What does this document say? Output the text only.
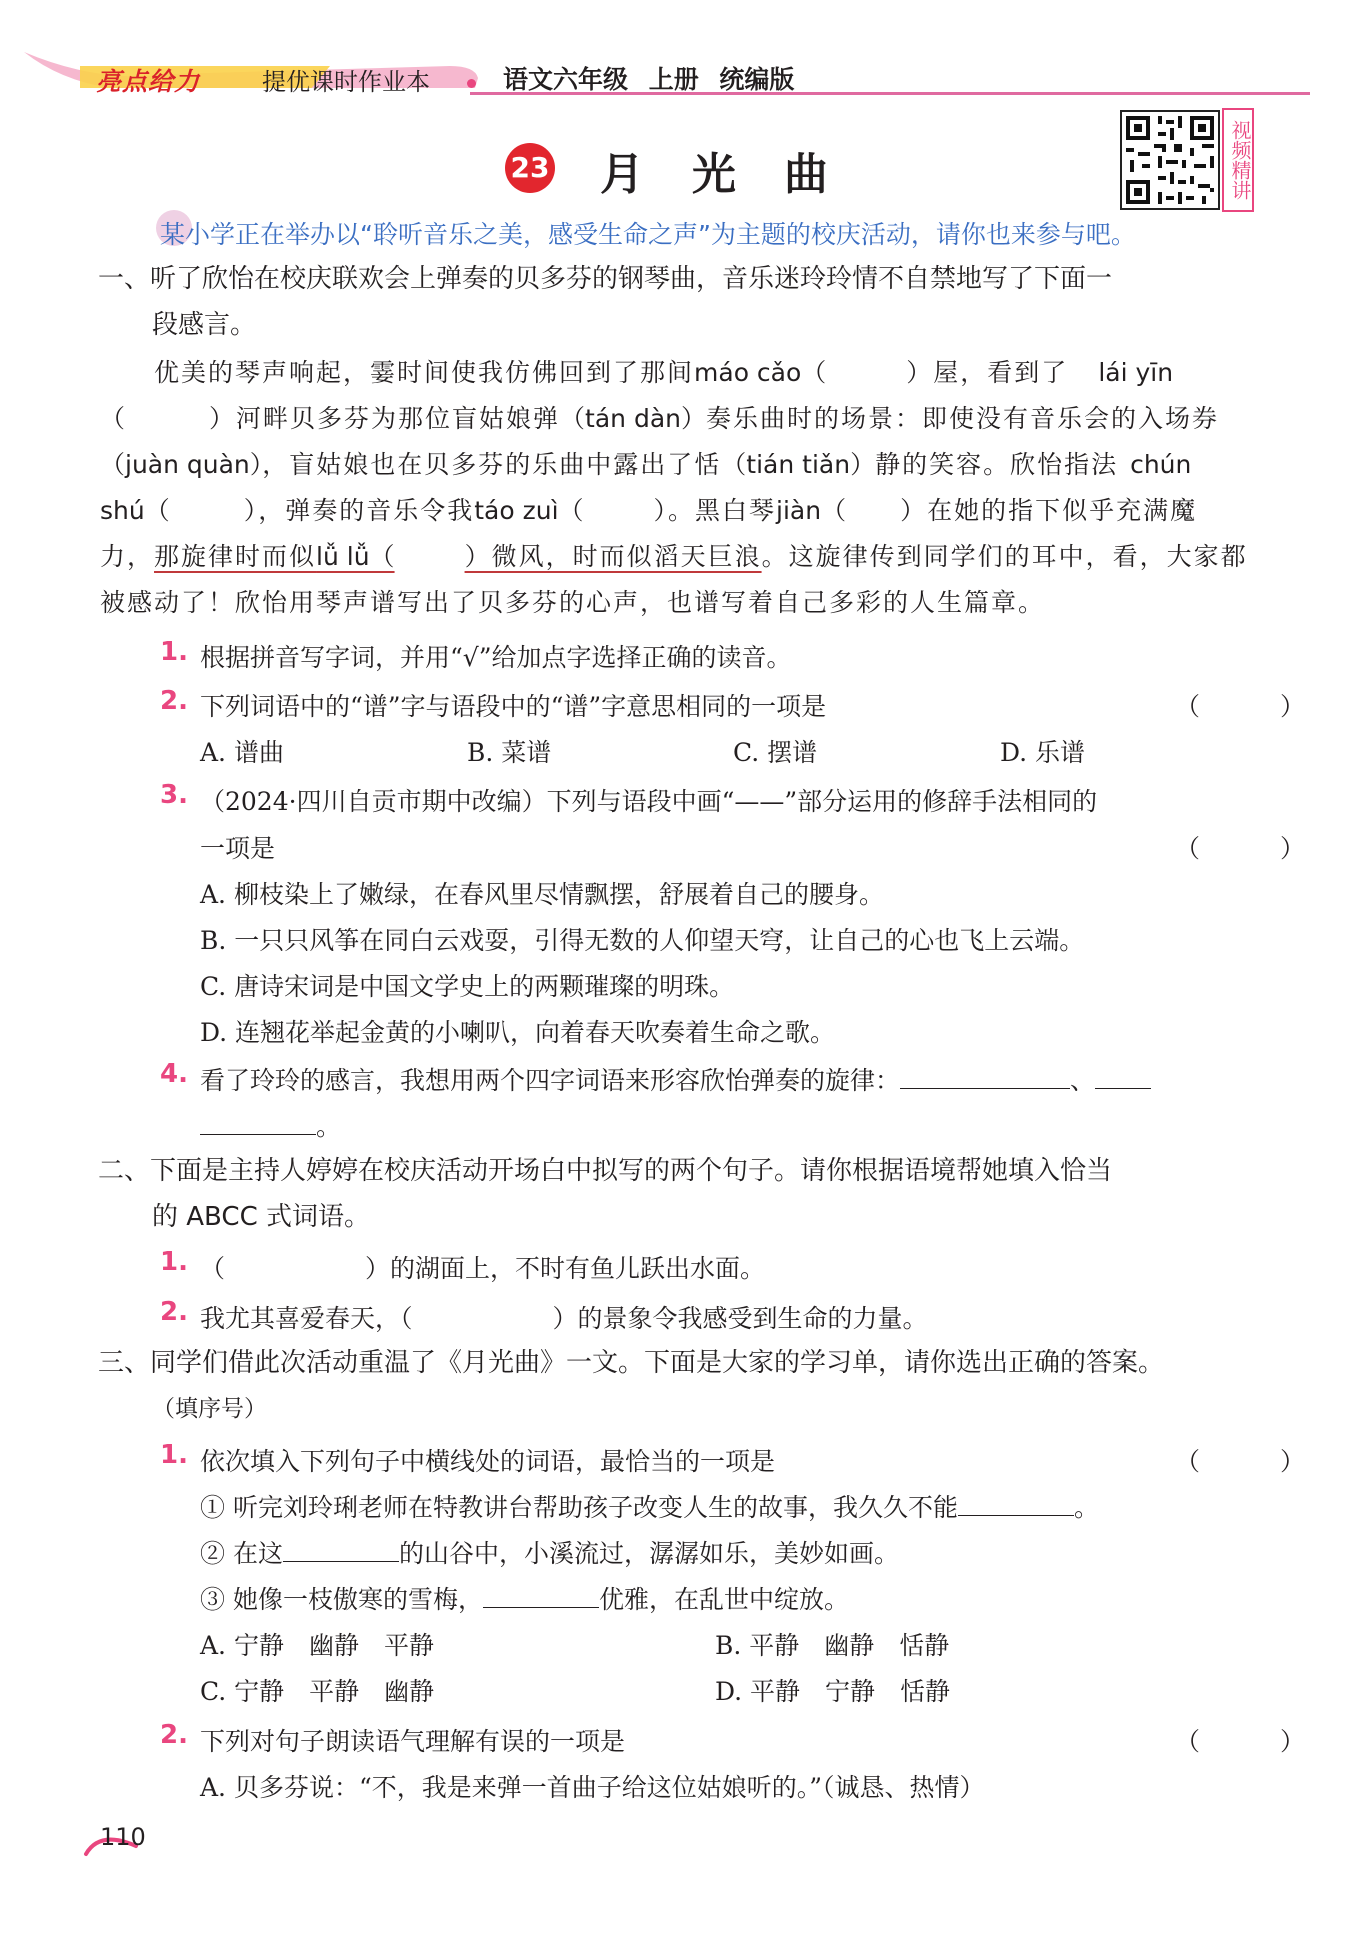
亮点给力	提优课时作业本	语文六年级 上册 统编版
视频精讲
23 月光曲
某小学正在举办以“聆听音乐之美，感受生命之声”为主题的校庆活动，请你也来参与吧。
一、听了欣怡在校庆联欢会上弹奏的贝多芬的钢琴曲，音乐迷玲玲情不自禁地写了下面一
段感言。
优美的琴声响起，霎时间使我仿佛回到了那间máo cǎo（	）屋，看到了 lái yīn
（	）河畔贝多芬为那位盲姑娘弹（tán dàn）奏乐曲时的场景：即使没有音乐会的入场券
（juàn quàn），盲姑娘也在贝多芬的乐曲中露出了恬（tián tiǎn）静的笑容。欣怡指法 chún
shú（	），弹奏的音乐令我táo zuì（	）。黑白琴jiàn（ ）在她的指下似乎充满魔
力，那旋律时而似lǚ lǚ（	）微风，时而似滔天巨浪。这旋律传到同学们的耳中，看，大家都
被感动了！欣怡用琴声谱写出了贝多芬的心声，也谱写着自己多彩的人生篇章。
1. 根据拼音写字词，并用“√”给加点字选择正确的读音。
2. 下列词语中的“谱”字与语段中的“谱”字意思相同的一项是	（ ）
A. 谱曲	B. 菜谱	C. 摆谱	D. 乐谱
3. （2024·四川自贡市期中改编）下列与语段中画“——”部分运用的修辞手法相同的
一项是	（ ）
A. 柳枝染上了嫩绿，在春风里尽情飘摆，舒展着自己的腰身。
B. 一只只风筝在同白云戏耍，引得无数的人仰望天穹，让自己的心也飞上云端。
C. 唐诗宋词是中国文学史上的两颗璀璨的明珠。
D. 连翘花举起金黄的小喇叭，向着春天吹奏着生命之歌。
4. 看了玲玲的感言，我想用两个四字词语来形容欣怡弹奏的旋律：	、
。
二、下面是主持人婷婷在校庆活动开场白中拟写的两个句子。请你根据语境帮她填入恰当
的 ABCC 式词语。
1. （	）的湖面上，不时有鱼儿跃出水面。
2. 我尤其喜爱春天，（	）的景象令我感受到生命的力量。
三、同学们借此次活动重温了《月光曲》一文。下面是大家的学习单，请你选出正确的答案。
（填序号）
1. 依次填入下列句子中横线处的词语，最恰当的一项是	（ ）
① 听完刘玲琍老师在特教讲台帮助孩子改变人生的故事，我久久不能	。
② 在这	的山谷中，小溪流过，潺潺如乐，美妙如画。
③ 她像一枝傲寒的雪梅，	优雅，在乱世中绽放。
A. 宁静　幽静　平静	B. 平静　幽静　恬静
C. 宁静　平静　幽静	D. 平静　宁静　恬静
2. 下列对句子朗读语气理解有误的一项是	（ ）
A. 贝多芬说：“不，我是来弹一首曲子给这位姑娘听的。”（诚恳、热情）
110
